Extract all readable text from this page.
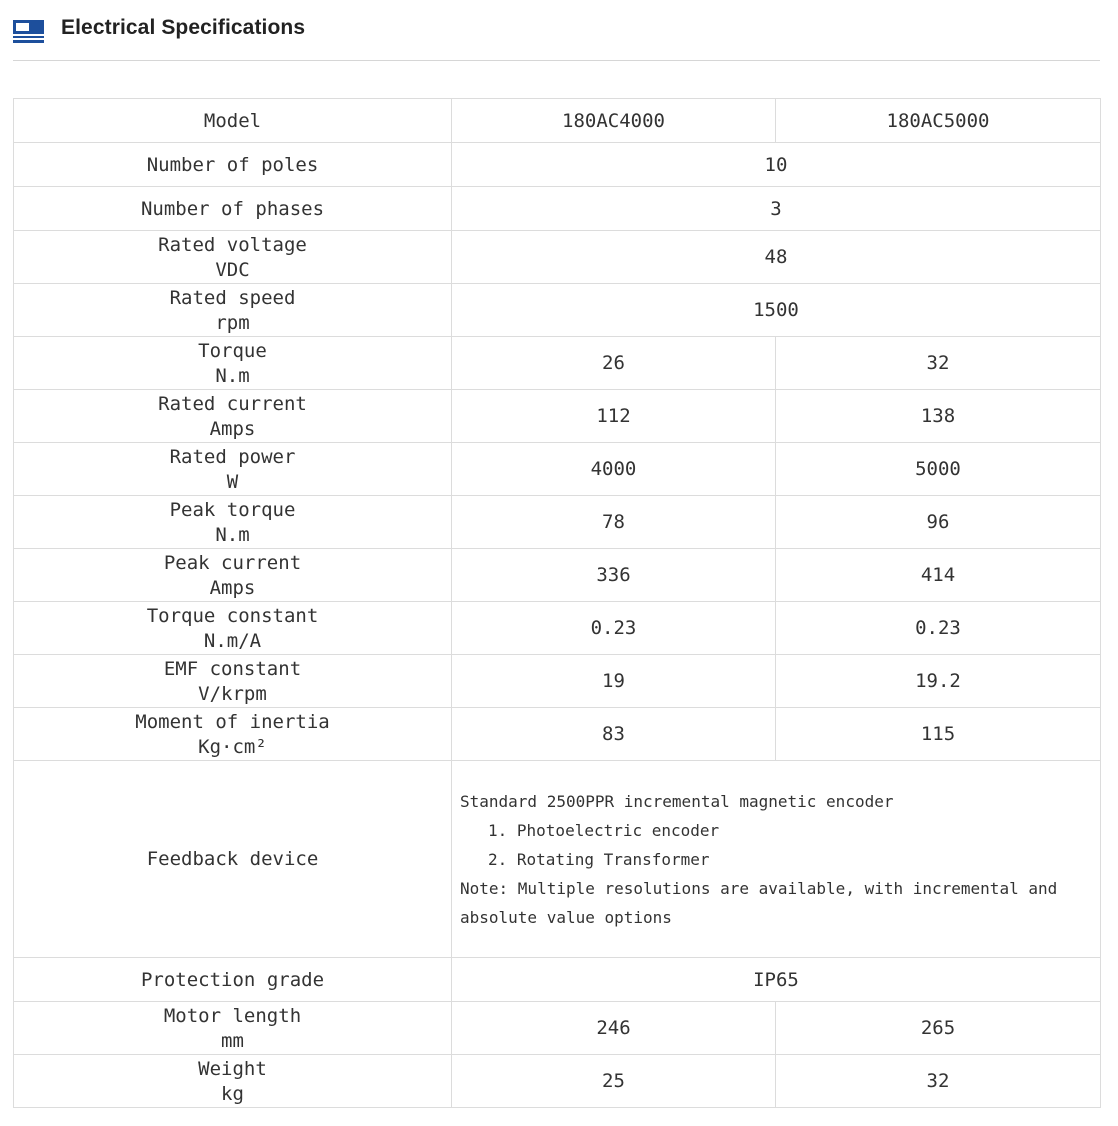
Electrical Specifications
Model	180AC4000	180AC5000
Number of poles	10	
Number of phases	3	

Rated voltage
VDC	48	

Rated speed
rpm	1500	

Torque
N.m	26	32

Rated current
Amps	112	138

Rated power
W	4000	5000

Peak torque
N.m	78	96

Peak current
Amps	336	414

Torque constant
N.m/A	0.23	0.23

EMF constant
V/krpm	19	19.2

Moment of inertia
Kg·cm²	83	115
Feedback device	Standard 2500PPR incremental magnetic encoder
1. Photoelectric encoder
2. Rotating Transformer
Note: Multiple resolutions are available, with incremental and absolute value options	

Protection grade	IP65	

Motor length
mm	246	265

Weight
kg	25	32
